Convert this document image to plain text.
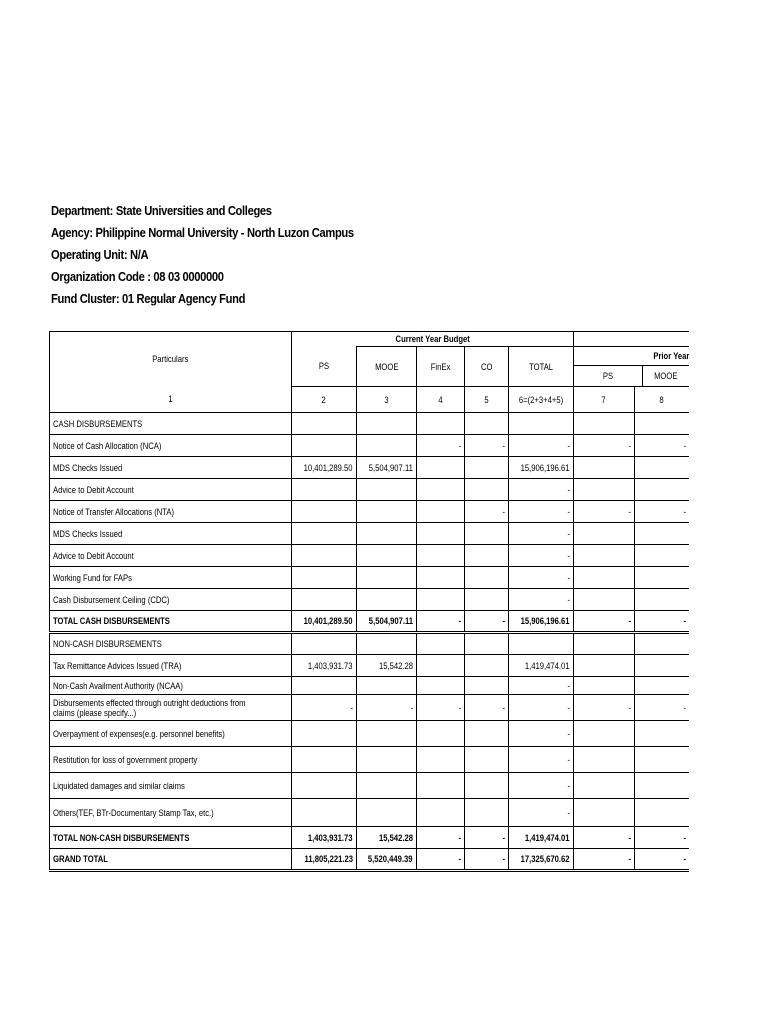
Department: State Universities and Colleges
Agency: Philippine Normal University - North Luzon Campus
Operating Unit: N/A
Organization Code : 08 03 0000000
Fund Cluster: 01 Regular Agency Fund
Particulars	Current Year Budget						
	PS	MOOE	FinEx	CO	TOTAL	Prior Year
PS MOOE	

1	2	3	4	5	6=(2+3+4+5)	7	8
CASH DISBURSEMENTS							
Notice of Cash Allocation (NCA)			-	-	-	-	-
MDS Checks Issued	10,401,289.50	5,504,907.11			15,906,196.61		
Advice to Debit Account					-		
Notice of Transfer Allocations (NTA)				-	-	-	-
MDS Checks Issued					-		
Advice to Debit Account					-		
Working Fund for FAPs					-		
Cash Disbursement Ceiling (CDC)					-		
TOTAL CASH DISBURSEMENTS	10,401,289.50	5,504,907.11	-	-	15,906,196.61	-	-
NON-CASH DISBURSEMENTS							
Tax Remittance Advices Issued (TRA)	1,403,931.73	15,542.28			1,419,474.01		
Non-Cash Availment Authority (NCAA)					-		

Disbursements effected through outright deductions from claims (please specify...)	-	-	-	-	-	-	-
Overpayment of expenses(e.g. personnel benefits)					-		
Restitution for loss of government property					-		
Liquidated damages and similar claims					-		
Others(TEF, BTr-Documentary Stamp Tax, etc.)					-		
TOTAL NON-CASH DISBURSEMENTS	1,403,931.73	15,542.28	-	-	1,419,474.01	-	-
GRAND TOTAL	11,805,221.23	5,520,449.39	-	-	17,325,670.62	-	-
